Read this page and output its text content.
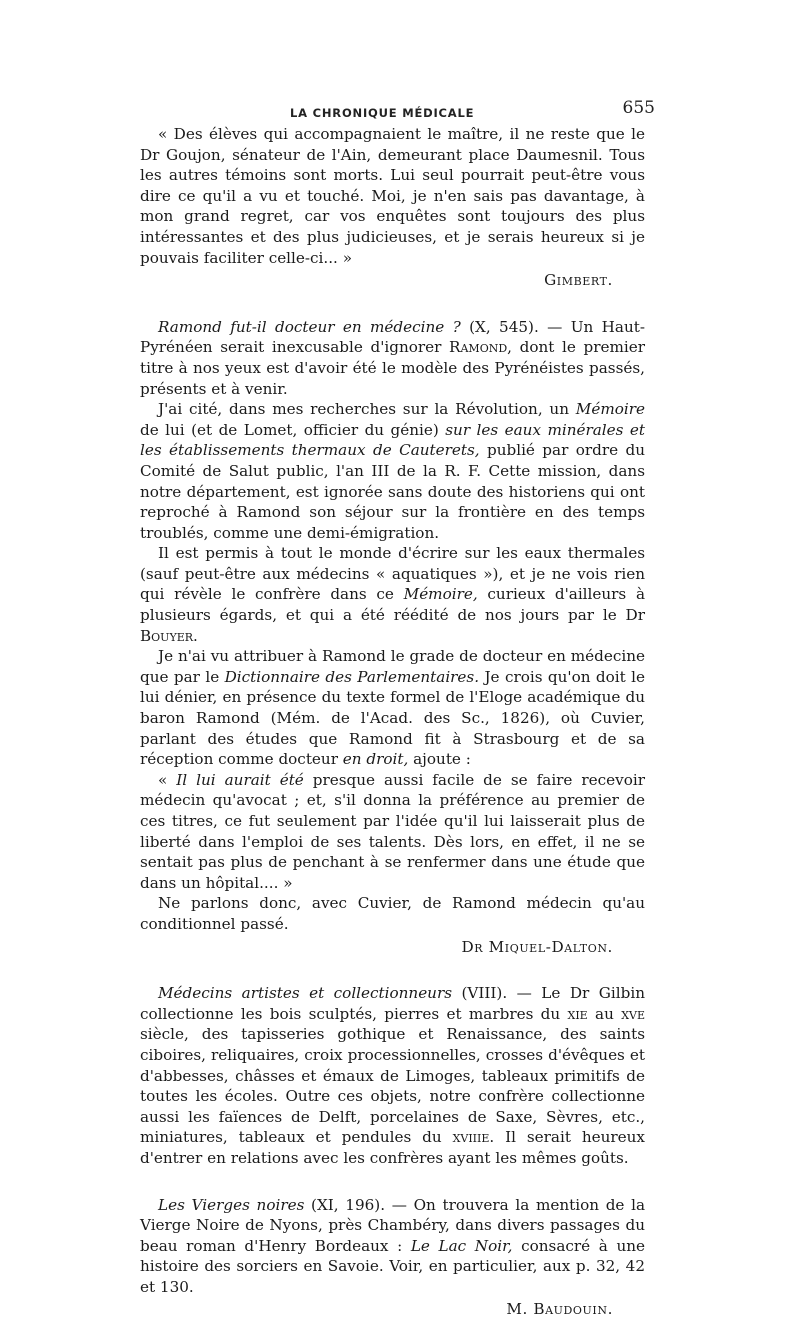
LA CHRONIQUE MÉDICALE	655

« Des élèves qui accompagnaient le maître, il ne reste que le Dr Goujon, sénateur de l'Ain, demeurant place Daumesnil. Tous les autres témoins sont morts. Lui seul pourrait peut-être vous dire ce qu'il a vu et touché. Moi, je n'en sais pas davantage, à mon grand regret, car vos enquêtes sont toujours des plus intéressantes et des plus judicieuses, et je serais heureux si je pouvais faciliter celle-ci... »

Gimbert.

Ramond fut-il docteur en médecine ? (X, 545). — Un Haut-Pyrénéen serait inexcusable d'ignorer Ramond, dont le premier titre à nos yeux est d'avoir été le modèle des Pyrénéistes passés, présents et à venir.

J'ai cité, dans mes recherches sur la Révolution, un Mémoire de lui (et de Lomet, officier du génie) sur les eaux minérales et les établissements thermaux de Cauterets, publié par ordre du Comité de Salut public, l'an III de la R. F. Cette mission, dans notre département, est ignorée sans doute des historiens qui ont reproché à Ramond son séjour sur la frontière en des temps troublés, comme une demi-émigration.

Il est permis à tout le monde d'écrire sur les eaux thermales (sauf peut-être aux médecins « aquatiques »), et je ne vois rien qui révèle le confrère dans ce Mémoire, curieux d'ailleurs à plusieurs égards, et qui a été réédité de nos jours par le Dr Bouyer.

Je n'ai vu attribuer à Ramond le grade de docteur en médecine que par le Dictionnaire des Parlementaires. Je crois qu'on doit le lui dénier, en présence du texte formel de l'Eloge académique du baron Ramond (Mém. de l'Acad. des Sc., 1826), où Cuvier, parlant des études que Ramond fit à Strasbourg et de sa réception comme docteur en droit, ajoute :

« Il lui aurait été presque aussi facile de se faire recevoir médecin qu'avocat ; et, s'il donna la préférence au premier de ces titres, ce fut seulement par l'idée qu'il lui laisserait plus de liberté dans l'emploi de ses talents. Dès lors, en effet, il ne se sentait pas plus de penchant à se renfermer dans une étude que dans un hôpital.... »

Ne parlons donc, avec Cuvier, de Ramond médecin qu'au conditionnel passé.

Dr Miquel-Dalton.

Médecins artistes et collectionneurs (VIII). — Le Dr Gilbin collectionne les bois sculptés, pierres et marbres du xie au xve siècle, des tapisseries gothique et Renaissance, des saints ciboires, reliquaires, croix processionnelles, crosses d'évêques et d'abbesses, châsses et émaux de Limoges, tableaux primitifs de toutes les écoles. Outre ces objets, notre confrère collectionne aussi les faïences de Delft, porcelaines de Saxe, Sèvres, etc., miniatures, tableaux et pendules du xviiie. Il serait heureux d'entrer en relations avec les confrères ayant les mêmes goûts.

Les Vierges noires (XI, 196). — On trouvera la mention de la Vierge Noire de Nyons, près Chambéry, dans divers passages du beau roman d'Henry Bordeaux : Le Lac Noir, consacré à une histoire des sorciers en Savoie. Voir, en particulier, aux p. 32, 42 et 130.

M. Baudouin.
